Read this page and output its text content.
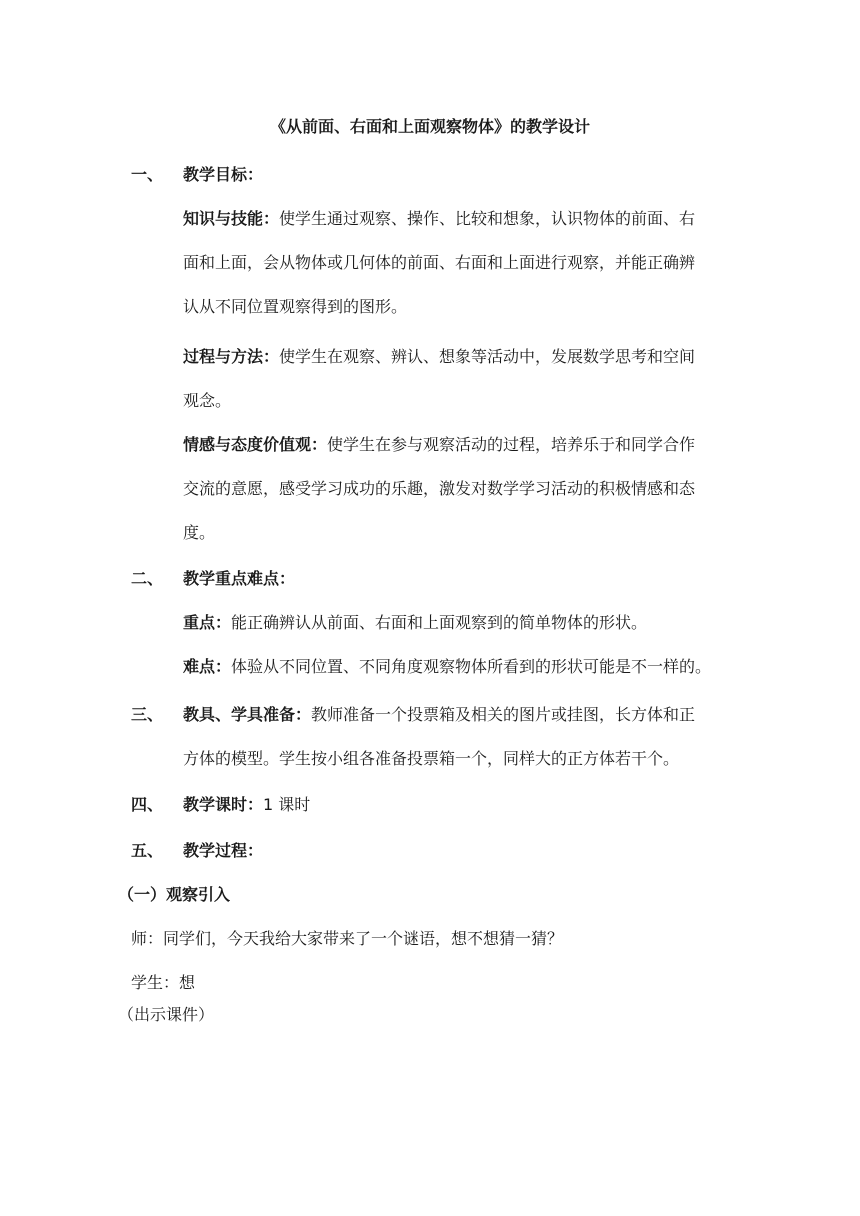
《从前面、右面和上面观察物体》的教学设计
一、 教学目标：
知识与技能：使学生通过观察、操作、比较和想象，认识物体的前面、右
面和上面，会从物体或几何体的前面、右面和上面进行观察，并能正确辨
认从不同位置观察得到的图形。
过程与方法：使学生在观察、辨认、想象等活动中，发展数学思考和空间
观念。
情感与态度价值观：使学生在参与观察活动的过程，培养乐于和同学合作
交流的意愿，感受学习成功的乐趣，激发对数学学习活动的积极情感和态
度。
二、 教学重点难点：
重点：能正确辨认从前面、右面和上面观察到的简单物体的形状。
难点：体验从不同位置、不同角度观察物体所看到的形状可能是不一样的。
三、 教具、学具准备：教师准备一个投票箱及相关的图片或挂图，长方体和正
方体的模型。学生按小组各准备投票箱一个，同样大的正方体若干个。
四、 教学课时：1 课时
五、 教学过程：
（一）观察引入
师：同学们，今天我给大家带来了一个谜语，想不想猜一猜？
学生：想
（出示课件）
